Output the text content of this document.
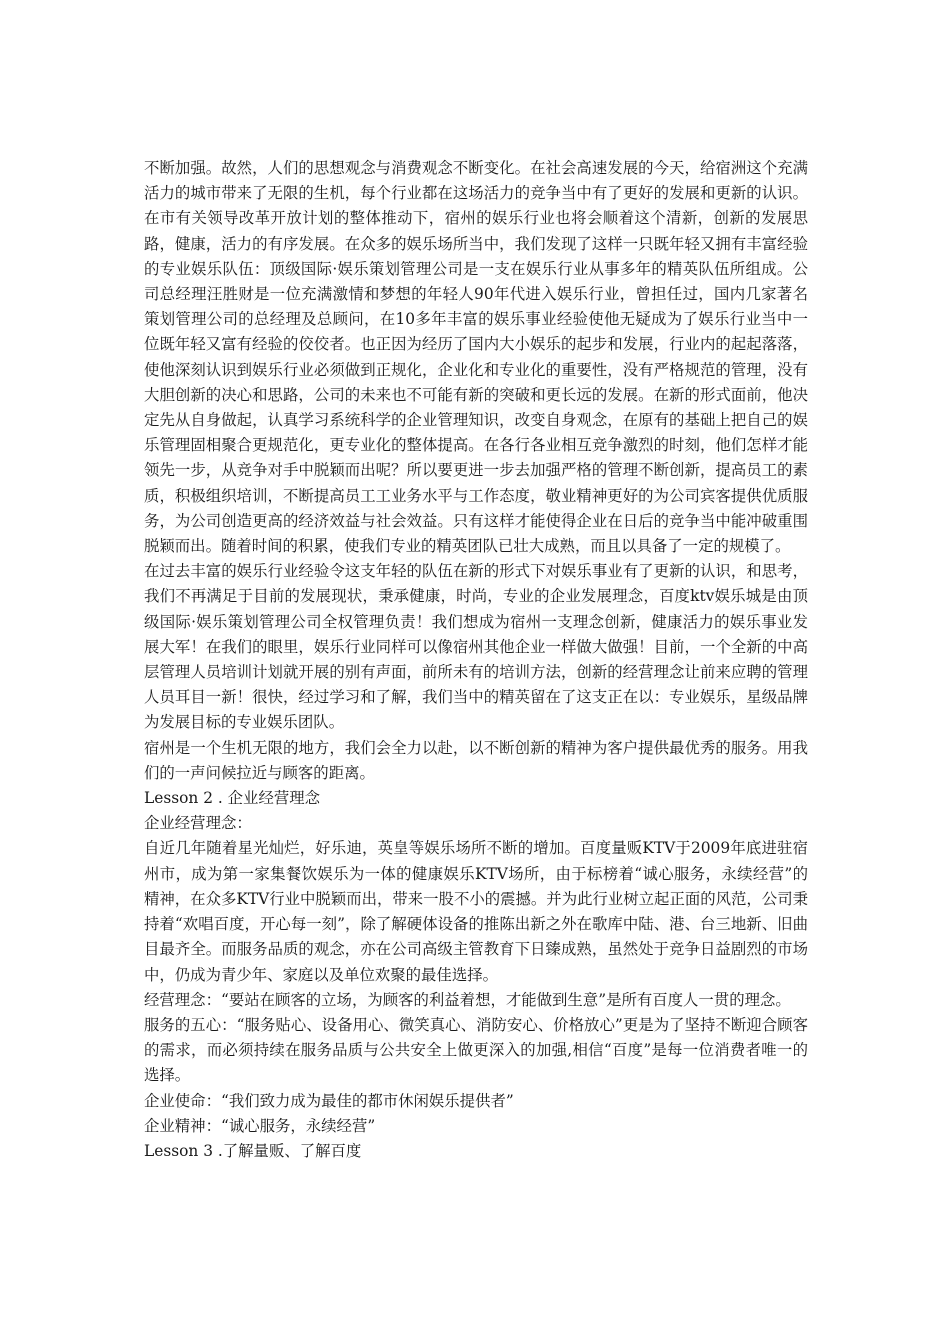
不断加强。故然，人们的思想观念与消费观念不断变化。在社会高速发展的今天，给宿洲这个充满活力的城市带来了无限的生机，每个行业都在这场活力的竞争当中有了更好的发展和更新的认识。在市有关领导改革开放计划的整体推动下，宿州的娱乐行业也将会顺着这个清新，创新的发展思路，健康，活力的有序发展。在众多的娱乐场所当中，我们发现了这样一只既年轻又拥有丰富经验的专业娱乐队伍：顶级国际·娱乐策划管理公司是一支在娱乐行业从事多年的精英队伍所组成。公司总经理汪胜财是一位充满激情和梦想的年轻人90年代进入娱乐行业，曾担任过，国内几家著名策划管理公司的总经理及总顾问，在10多年丰富的娱乐事业经验使他无疑成为了娱乐行业当中一位既年轻又富有经验的佼佼者。也正因为经历了国内大小娱乐的起步和发展，行业内的起起落落，使他深刻认识到娱乐行业必须做到正规化，企业化和专业化的重要性，没有严格规范的管理，没有大胆创新的决心和思路，公司的未来也不可能有新的突破和更长远的发展。在新的形式面前，他决定先从自身做起，认真学习系统科学的企业管理知识，改变自身观念，在原有的基础上把自己的娱乐管理固相聚合更规范化，更专业化的整体提高。在各行各业相互竞争激烈的时刻，他们怎样才能领先一步，从竞争对手中脱颖而出呢？所以要更进一步去加强严格的管理不断创新，提高员工的素质，积极组织培训，不断提高员工工业务水平与工作态度，敬业精神更好的为公司宾客提供优质服务，为公司创造更高的经济效益与社会效益。只有这样才能使得企业在日后的竞争当中能冲破重围脱颖而出。随着时间的积累，使我们专业的精英团队已壮大成熟，而且以具备了一定的规模了。

在过去丰富的娱乐行业经验令这支年轻的队伍在新的形式下对娱乐事业有了更新的认识，和思考，我们不再满足于目前的发展现状，秉承健康，时尚，专业的企业发展理念，百度ktv娱乐城是由顶级国际·娱乐策划管理公司全权管理负责！我们想成为宿州一支理念创新，健康活力的娱乐事业发展大军！在我们的眼里，娱乐行业同样可以像宿州其他企业一样做大做强！目前，一个全新的中高层管理人员培训计划就开展的别有声面，前所未有的培训方法，创新的经营理念让前来应聘的管理人员耳目一新！很快，经过学习和了解，我们当中的精英留在了这支正在以：专业娱乐，星级品牌为发展目标的专业娱乐团队。

宿州是一个生机无限的地方，我们会全力以赴，以不断创新的精神为客户提供最优秀的服务。用我们的一声问候拉近与顾客的距离。

Lesson 2 . 企业经营理念

企业经营理念：

自近几年随着星光灿烂，好乐迪，英皇等娱乐场所不断的增加。百度量贩KTV于2009年底进驻宿州市，成为第一家集餐饮娱乐为一体的健康娱乐KTV场所，由于标榜着“诚心服务，永续经营”的精神，在众多KTV行业中脱颖而出，带来一股不小的震撼。并为此行业树立起正面的风范，公司秉持着“欢唱百度，开心每一刻”，除了解硬体设备的推陈出新之外在歌库中陆、港、台三地新、旧曲目最齐全。而服务品质的观念，亦在公司高级主管教育下日臻成熟，虽然处于竞争日益剧烈的市场中，仍成为青少年、家庭以及单位欢聚的最佳选择。

经营理念：“要站在顾客的立场，为顾客的利益着想，才能做到生意”是所有百度人一贯的理念。

服务的五心：“服务贴心、设备用心、微笑真心、消防安心、价格放心”更是为了坚持不断迎合顾客的需求，而必须持续在服务品质与公共安全上做更深入的加强,相信“百度”是每一位消费者唯一的选择。

企业使命：“我们致力成为最佳的都市休闲娱乐提供者”

企业精神：“诚心服务，永续经营”

Lesson 3 .了解量贩、了解百度
